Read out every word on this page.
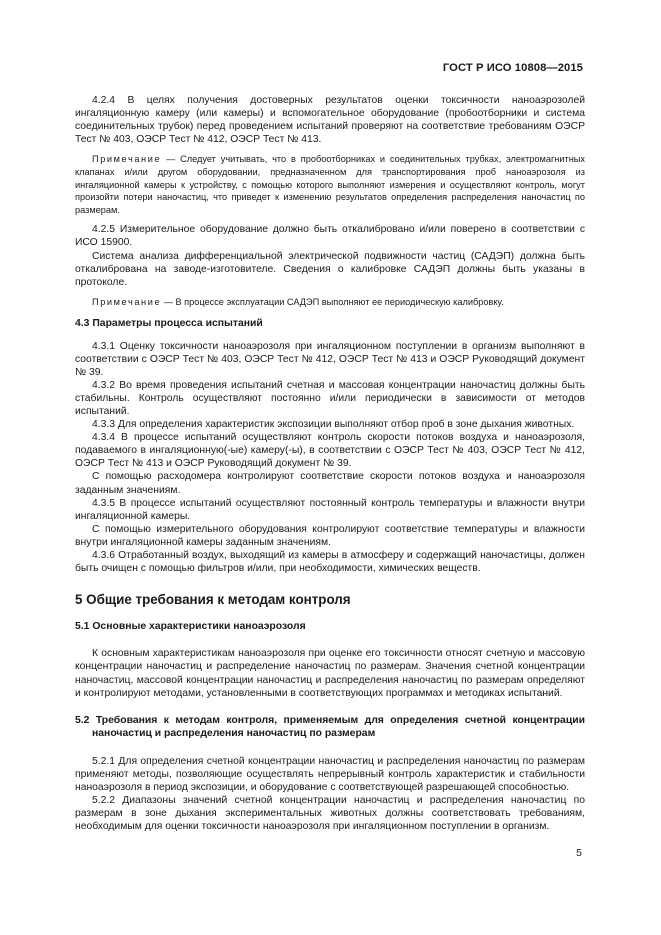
ГОСТ Р ИСО 10808—2015

4.2.4 В целях получения достоверных результатов оценки токсичности наноаэрозолей ингаляционную камеру (или камеры) и вспомогательное оборудование (пробоотборники и система соединительных трубок) перед проведением испытаний проверяют на соответствие требованиям ОЭСР Тест № 403, ОЭСР Тест № 412, ОЭСР Тест № 413.

Примечание — Следует учитывать, что в пробоотборниках и соединительных трубках, электромагнитных клапанах и/или другом оборудовании, предназначенном для транспортирования проб наноаэрозоля из ингаляционной камеры к устройству, с помощью которого выполняют измерения и осуществляют контроль, могут произойти потери наночастиц, что приведет к изменению результатов определения распределения наночастиц по размерам.

4.2.5 Измерительное оборудование должно быть откалибровано и/или поверено в соответствии с ИСО 15900.

Система анализа дифференциальной электрической подвижности частиц (САДЭП) должна быть откалибрована на заводе-изготовителе. Сведения о калибровке САДЭП должны быть указаны в протоколе.

Примечание — В процессе эксплуатации САДЭП выполняют ее периодическую калибровку.

4.3 Параметры процесса испытаний

4.3.1 Оценку токсичности наноаэрозоля при ингаляционном поступлении в организм выполняют в соответствии с ОЭСР Тест № 403, ОЭСР Тест № 412, ОЭСР Тест № 413 и ОЭСР Руководящий документ № 39.

4.3.2 Во время проведения испытаний счетная и массовая концентрации наночастиц должны быть стабильны. Контроль осуществляют постоянно и/или периодически в зависимости от методов испытаний.

4.3.3 Для определения характеристик экспозиции выполняют отбор проб в зоне дыхания животных.

4.3.4 В процессе испытаний осуществляют контроль скорости потоков воздуха и наноаэрозоля, подаваемого в ингаляционную(-ые) камеру(-ы), в соответствии с ОЭСР Тест № 403, ОЭСР Тест № 412, ОЭСР Тест № 413 и ОЭСР Руководящий документ № 39.

С помощью расходомера контролируют соответствие скорости потоков воздуха и наноаэрозоля заданным значениям.

4.3.5 В процессе испытаний осуществляют постоянный контроль температуры и влажности внутри ингаляционной камеры.

С помощью измерительного оборудования контролируют соответствие температуры и влажности внутри ингаляционной камеры заданным значениям.

4.3.6 Отработанный воздух, выходящий из камеры в атмосферу и содержащий наночастицы, должен быть очищен с помощью фильтров и/или, при необходимости, химических веществ.

5 Общие требования к методам контроля

5.1 Основные характеристики наноаэрозоля

К основным характеристикам наноаэрозоля при оценке его токсичности относят счетную и массовую концентрации наночастиц и распределение наночастиц по размерам. Значения счетной концентрации наночастиц, массовой концентрации наночастиц и распределения наночастиц по размерам определяют и контролируют методами, установленными в соответствующих программах и методиках испытаний.

5.2 Требования к методам контроля, применяемым для определения счетной концентрации наночастиц и распределения наночастиц по размерам

5.2.1 Для определения счетной концентрации наночастиц и распределения наночастиц по размерам применяют методы, позволяющие осуществлять непрерывный контроль характеристик и стабильности наноаэрозоля в период экспозиции, и оборудование с соответствующей разрешающей способностью.

5.2.2 Диапазоны значений счетной концентрации наночастиц и распределения наночастиц по размерам в зоне дыхания экспериментальных животных должны соответствовать требованиям, необходимым для оценки токсичности наноаэрозоля при ингаляционном поступлении в организм.

5
